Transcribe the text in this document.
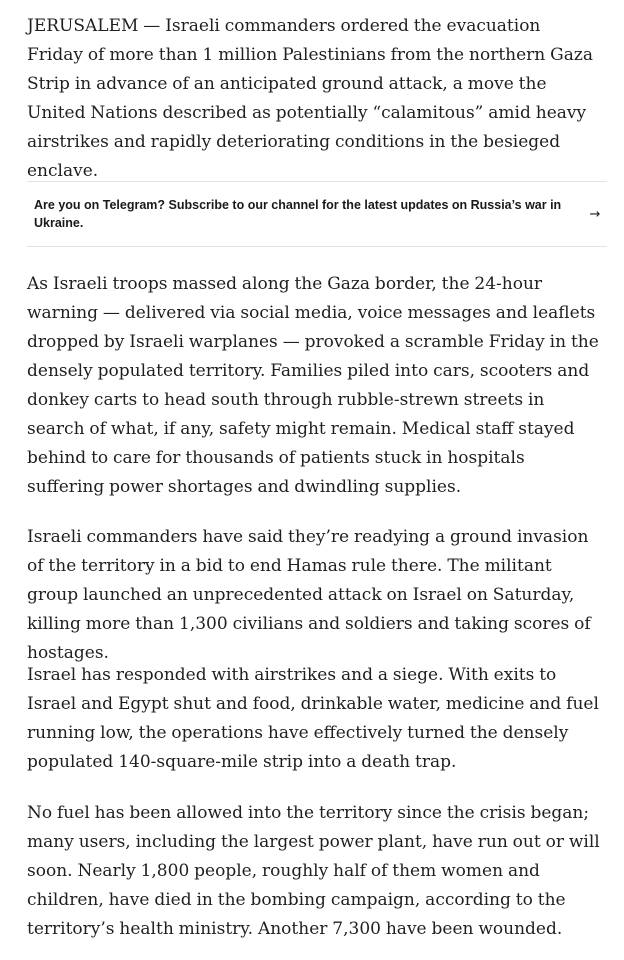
JERUSALEM — Israeli commanders ordered the evacuation Friday of more than 1 million Palestinians from the northern Gaza Strip in advance of an anticipated ground attack, a move the United Nations described as potentially “calamitous” amid heavy airstrikes and rapidly deteriorating conditions in the besieged enclave.

Are you on Telegram? Subscribe to our channel for the latest updates on Russia’s war in Ukraine.
→

As Israeli troops massed along the Gaza border, the 24-hour warning — delivered via social media, voice messages and leaflets dropped by Israeli warplanes — provoked a scramble Friday in the densely populated territory. Families piled into cars, scooters and donkey carts to head south through rubble-strewn streets in search of what, if any, safety might remain. Medical staff stayed behind to care for thousands of patients stuck in hospitals suffering power shortages and dwindling supplies.

Israeli commanders have said they’re readying a ground invasion of the territory in a bid to end Hamas rule there. The militant group launched an unprecedented attack on Israel on Saturday, killing more than 1,300 civilians and soldiers and taking scores of hostages.

Israel has responded with airstrikes and a siege. With exits to Israel and Egypt shut and food, drinkable water, medicine and fuel running low, the operations have effectively turned the densely populated 140-square-mile strip into a death trap.

No fuel has been allowed into the territory since the crisis began; many users, including the largest power plant, have run out or will soon. Nearly 1,800 people, roughly half of them women and children, have died in the bombing campaign, according to the territory’s health ministry. Another 7,300 have been wounded.
